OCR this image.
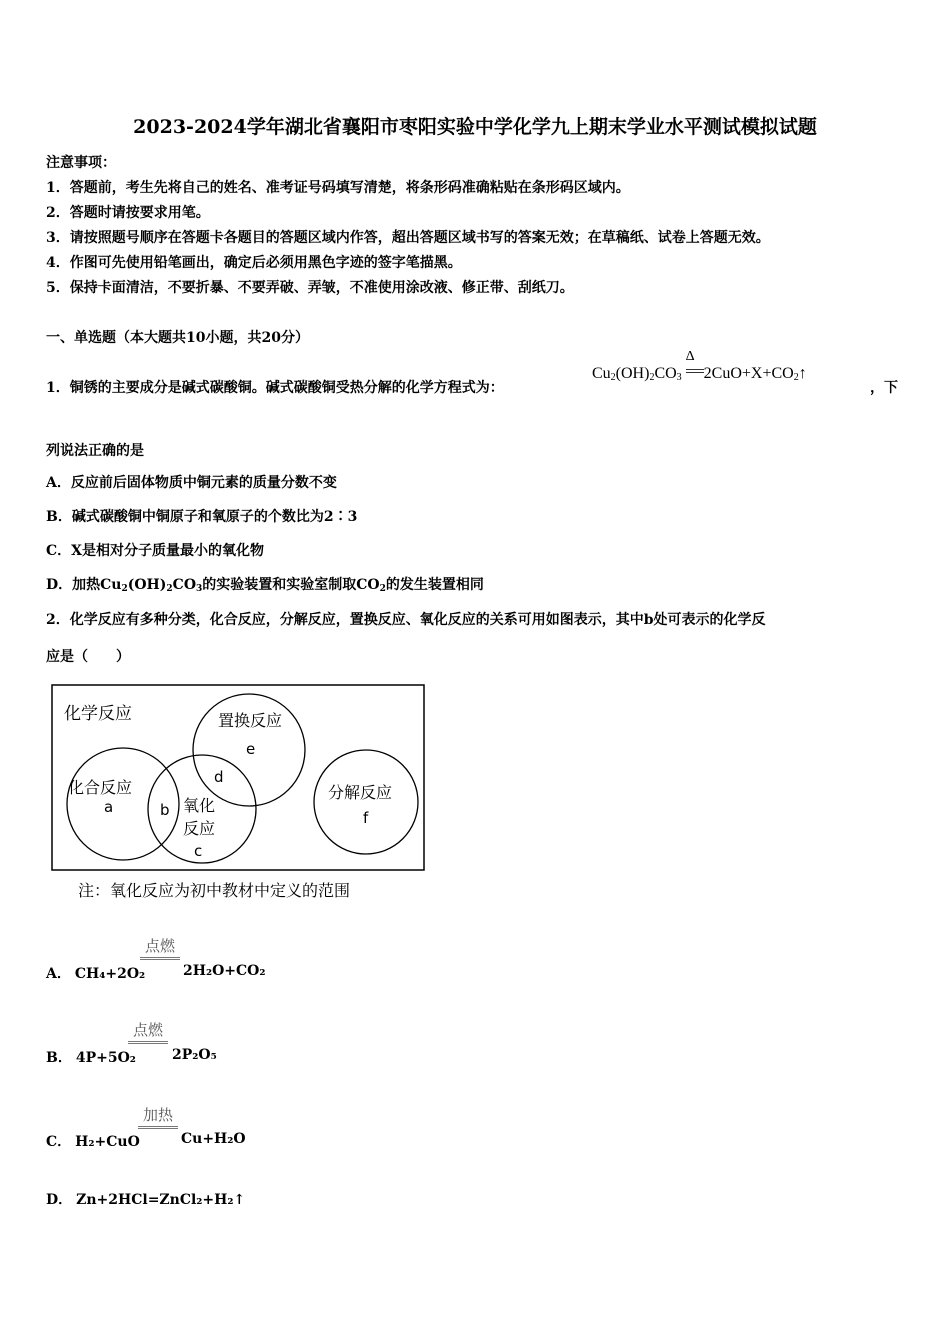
2023-2024学年湖北省襄阳市枣阳实验中学化学九上期末学业水平测试模拟试题
注意事项：
1．答题前，考生先将自己的姓名、准考证号码填写清楚，将条形码准确粘贴在条形码区域内。
2．答题时请按要求用笔。
3．请按照题号顺序在答题卡各题目的答题区域内作答，超出答题区域书写的答案无效；在草稿纸、试卷上答题无效。
4．作图可先使用铅笔画出，确定后必须用黑色字迹的签字笔描黑。
5．保持卡面清洁，不要折暴、不要弄破、弄皱，不准使用涂改液、修正带、刮纸刀。
一、单选题（本大题共10小题，共20分）
1．铜锈的主要成分是碱式碳酸铜。碱式碳酸铜受热分解的化学方程式为：
$Cu_2(OH)_2CO_3$
Δ
$2CuO+X+CO_2↑$
，下
列说法正确的是
A．反应前后固体物质中铜元素的质量分数不变
B．碱式碳酸铜中铜原子和氧原子的个数比为2∶3
C．X是相对分子质量最小的氧化物
D．加热$Cu_2(OH)_2CO_3$的实验装置和实验室制取$CO_2$的发生装置相同
2．化学反应有多种分类，化合反应，分解反应，置换反应、氧化反应的关系可用如图表示，其中b处可表示的化学反
应是（　　）
化学反应	置换反应
e
化合反应
a	b
d
氧化
反应
c
分解反应
f
注：氧化反应为初中教材中定义的范围
A． CH₄+2O₂
点燃
2H₂O+CO₂
B． 4P+5O₂
点燃
2P₂O₅
C． H₂+CuO
加热
Cu+H₂O
D． Zn+2HCl=ZnCl₂+H₂↑
